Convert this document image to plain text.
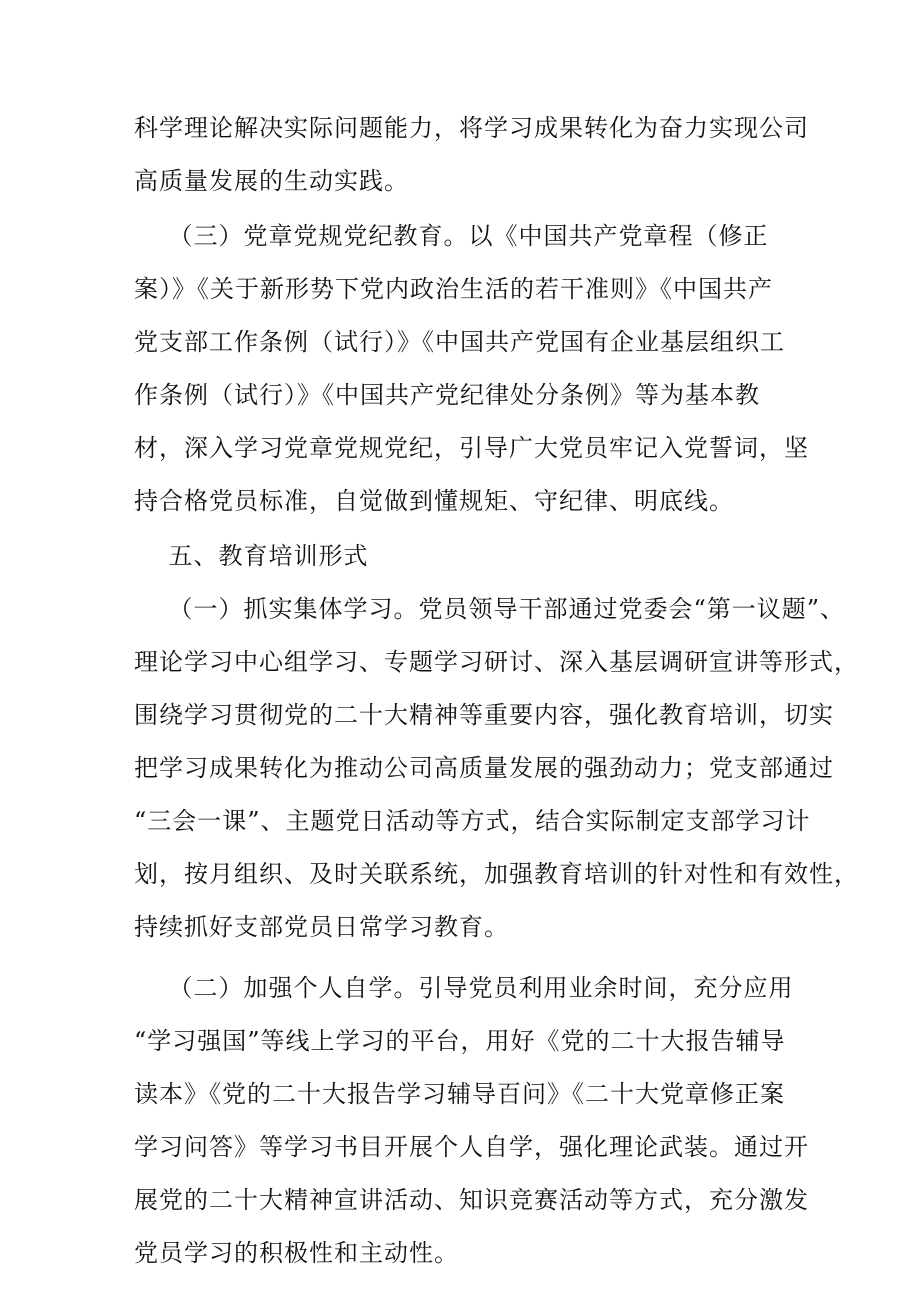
科学理论解决实际问题能力，将学习成果转化为奋力实现公司
高质量发展的生动实践。
（三）党章党规党纪教育。以《中国共产党章程（修正
案）》《关于新形势下党内政治生活的若干准则》《中国共产
党支部工作条例（试行）》《中国共产党国有企业基层组织工
作条例（试行）》《中国共产党纪律处分条例》等为基本教
材，深入学习党章党规党纪，引导广大党员牢记入党誓词，坚
持合格党员标准，自觉做到懂规矩、守纪律、明底线。
五、教育培训形式
（一）抓实集体学习。党员领导干部通过党委会“第一议题”、
理论学习中心组学习、专题学习研讨、深入基层调研宣讲等形式，
围绕学习贯彻党的二十大精神等重要内容，强化教育培训，切实
把学习成果转化为推动公司高质量发展的强劲动力；党支部通过
“三会一课”、主题党日活动等方式，结合实际制定支部学习计
划，按月组织、及时关联系统，加强教育培训的针对性和有效性，
持续抓好支部党员日常学习教育。
（二）加强个人自学。引导党员利用业余时间，充分应用
“学习强国”等线上学习的平台，用好《党的二十大报告辅导
读本》《党的二十大报告学习辅导百问》《二十大党章修正案
学习问答》等学习书目开展个人自学，强化理论武装。通过开
展党的二十大精神宣讲活动、知识竞赛活动等方式，充分激发
党员学习的积极性和主动性。
